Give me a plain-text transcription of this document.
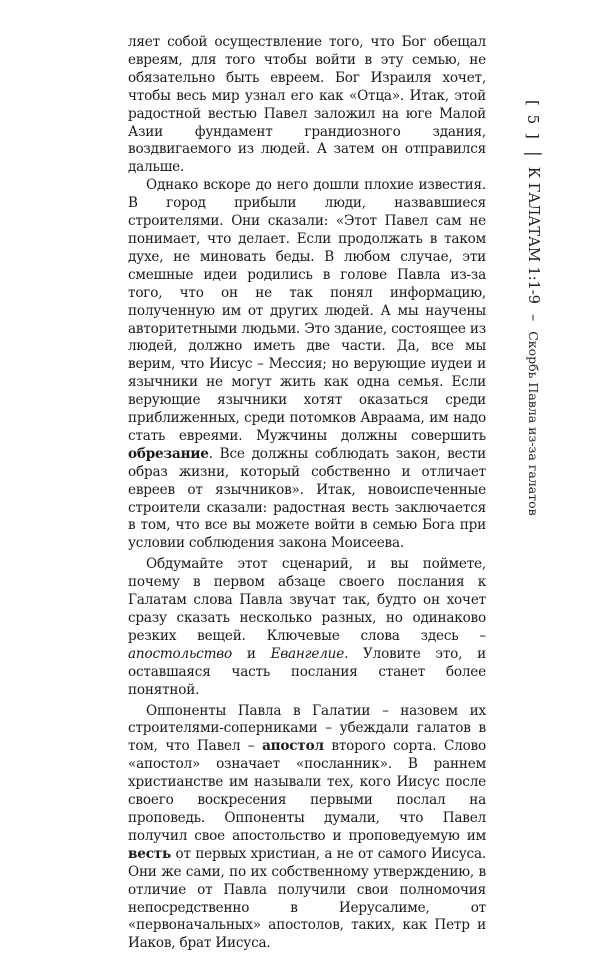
ляет собой осуществление того, что Бог обещал евреям, для того чтобы войти в эту семью, не обязательно быть евреем. Бог Израиля хочет, чтобы весь мир узнал его как «Отца». Итак, этой радостной вестью Павел заложил на юге Малой Азии фундамент грандиозного здания, воздвигаемого из людей. А затем он отправился дальше.

Однако вскоре до него дошли плохие известия. В город прибыли люди, назвавшиеся строителями. Они сказали: «Этот Павел сам не понимает, что делает. Если продолжать в таком духе, не миновать беды. В любом случае, эти смешные идеи родились в голове Павла из-за того, что он не так понял информацию, полученную им от других людей. А мы научены авторитетными людьми. Это здание, состоящее из людей, должно иметь две части. Да, все мы верим, что Иисус – Мессия; но верующие иудеи и язычники не могут жить как одна семья. Если верующие язычники хотят оказаться среди приближенных, среди потомков Авраама, им надо стать евреями. Мужчины должны совершить обрезание. Все должны соблюдать закон, вести образ жизни, который собственно и отличает евреев от язычников». Итак, новоиспеченные строители сказали: радостная весть заключается в том, что все вы можете войти в семью Бога при условии соблюдения закона Моисеева.

Обдумайте этот сценарий, и вы поймете, почему в первом абзаце своего послания к Галатам слова Павла звучат так, будто он хочет сразу сказать несколько разных, но одинаково резких вещей. Ключевые слова здесь – апостольство и Евангелие. Уловите это, и оставшаяся часть послания станет более понятной.

Оппоненты Павла в Галатии – назовем их строителями-соперниками – убеждали галатов в том, что Павел – апостол второго сорта. Слово «апостол» означает «посланник». В раннем христианстве им называли тех, кого Иисус после своего воскресения первыми послал на проповедь. Оппоненты думали, что Павел получил свое апостольство и проповедуемую им весть от первых христиан, а не от самого Иисуса. Они же сами, по их собственному утверждению, в отличие от Павла получили свои полномочия непосредственно в Иерусалиме, от «первоначальных» апостолов, таких, как Петр и Иаков, брат Иисуса.

[ 5 ]
|
К ГАЛАТАМ 1:1-9
–
Скорбь Павла из-за галатов
